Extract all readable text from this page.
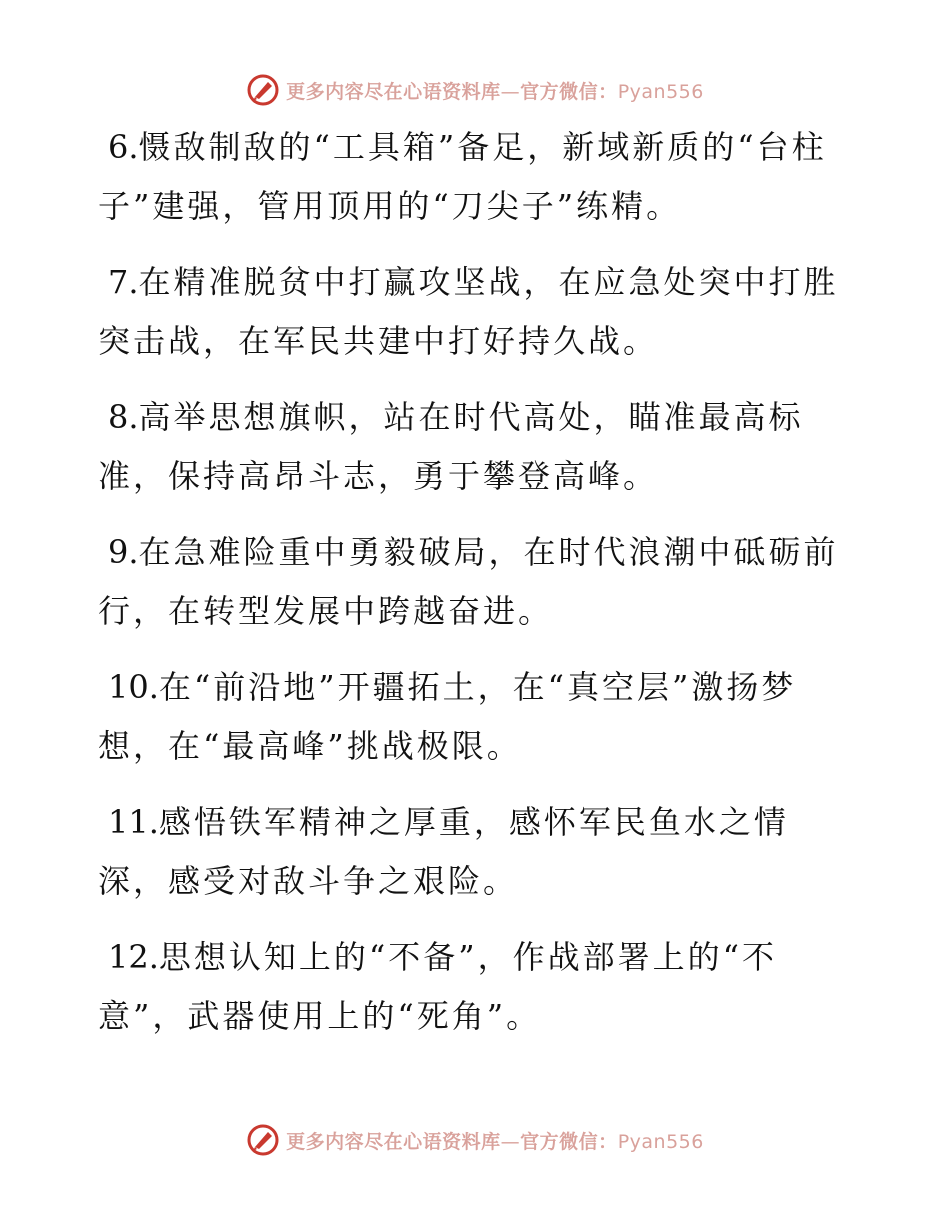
更多内容尽在心语资料库—官方微信：Pyan556

6.慑敌制敌的“工具箱”备足，新域新质的“台柱子”建强，管用顶用的“刀尖子”练精。

7.在精准脱贫中打赢攻坚战，在应急处突中打胜突击战，在军民共建中打好持久战。

8.高举思想旗帜，站在时代高处，瞄准最高标准，保持高昂斗志，勇于攀登高峰。

9.在急难险重中勇毅破局，在时代浪潮中砥砺前行，在转型发展中跨越奋进。

10.在“前沿地”开疆拓土，在“真空层”激扬梦想，在“最高峰”挑战极限。

11.感悟铁军精神之厚重，感怀军民鱼水之情深，感受对敌斗争之艰险。

12.思想认知上的“不备”，作战部署上的“不意”，武器使用上的“死角”。

更多内容尽在心语资料库—官方微信：Pyan556
